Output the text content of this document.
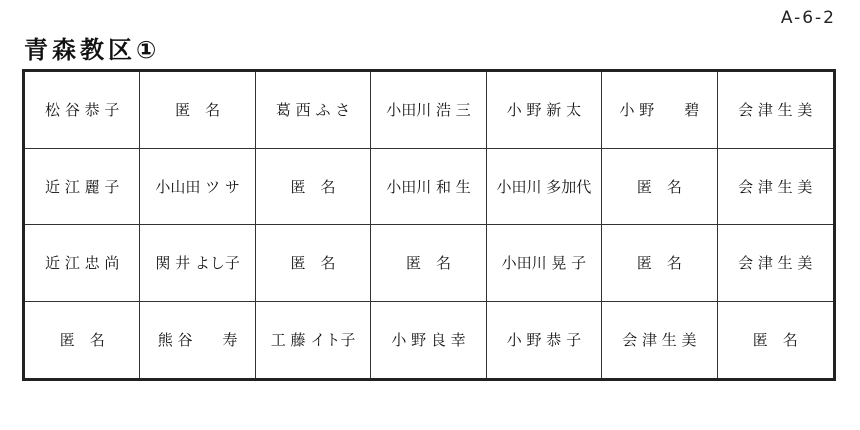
A-6-2
青森教区①
松 谷 恭 子	匿　名	葛 西 ふ さ	小田川 浩 三	小 野 新 太	小 野　　碧	会 津 生 美
近 江 麗 子	小山田 ツ サ	匿　名	小田川 和 生	小田川 多加代	匿　名	会 津 生 美
近 江 忠 尚	関 井 よし子	匿　名	匿　名	小田川 晃 子	匿　名	会 津 生 美
匿　名	熊 谷　　寿	工 藤 イト子	小 野 良 幸	小 野 恭 子	会 津 生 美	匿　名
